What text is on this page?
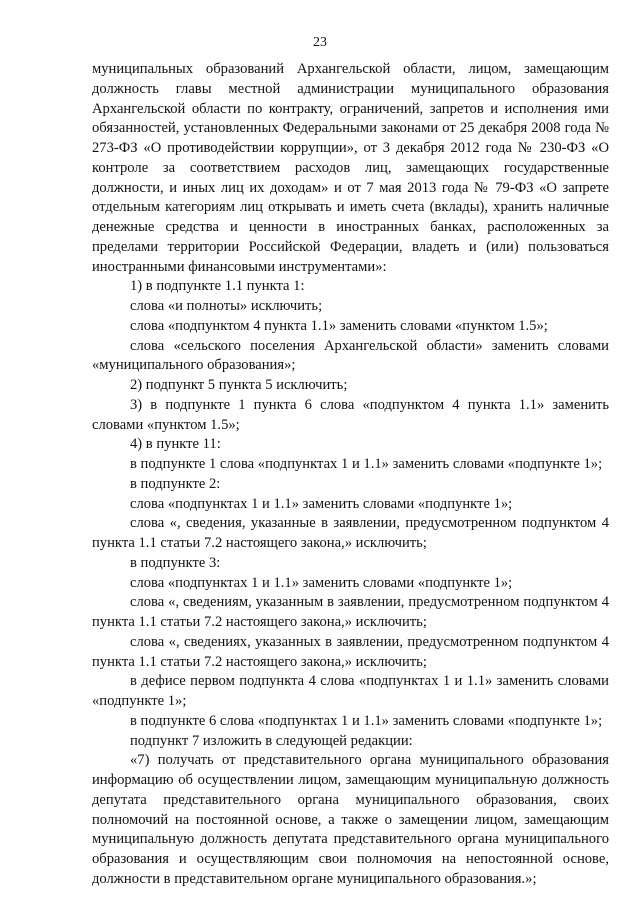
23

муниципальных образований Архангельской области, лицом, замещающим должность главы местной администрации муниципального образования Архангельской области по контракту, ограничений, запретов и исполнения ими обязанностей, установленных Федеральными законами от 25 декабря 2008 года № 273-ФЗ «О противодействии коррупции», от 3 декабря 2012 года № 230-ФЗ «О контроле за соответствием расходов лиц, замещающих государственные должности, и иных лиц их доходам» и от 7 мая 2013 года № 79-ФЗ «О запрете отдельным категориям лиц открывать и иметь счета (вклады), хранить наличные денежные средства и ценности в иностранных банках, расположенных за пределами территории Российской Федерации, владеть и (или) пользоваться иностранными финансовыми инструментами»:

1) в подпункте 1.1 пункта 1:

слова «и полноты» исключить;

слова «подпунктом 4 пункта 1.1» заменить словами «пунктом 1.5»;

слова «сельского поселения Архангельской области» заменить словами «муниципального образования»;

2) подпункт 5 пункта 5 исключить;

3) в подпункте 1 пункта 6 слова «подпунктом 4 пункта 1.1» заменить словами «пунктом 1.5»;

4) в пункте 11:

в подпункте 1 слова «подпунктах 1 и 1.1» заменить словами «подпункте 1»;

в подпункте 2:

слова «подпунктах 1 и 1.1» заменить словами «подпункте 1»;

слова «, сведения, указанные в заявлении, предусмотренном подпунктом 4 пункта 1.1 статьи 7.2 настоящего закона,» исключить;

в подпункте 3:

слова «подпунктах 1 и 1.1» заменить словами «подпункте 1»;

слова «, сведениям, указанным в заявлении, предусмотренном подпунктом 4 пункта 1.1 статьи 7.2 настоящего закона,» исключить;

слова «, сведениях, указанных в заявлении, предусмотренном подпунктом 4 пункта 1.1 статьи 7.2 настоящего закона,» исключить;

в дефисе первом подпункта 4 слова «подпунктах 1 и 1.1» заменить словами «подпункте 1»;

в подпункте 6 слова «подпунктах 1 и 1.1» заменить словами «подпункте 1»;

подпункт 7 изложить в следующей редакции:

«7) получать от представительного органа муниципального образования информацию об осуществлении лицом, замещающим муниципальную должность депутата представительного органа муниципального образования, своих полномочий на постоянной основе, а также о замещении лицом, замещающим муниципальную должность депутата представительного органа муниципального образования и осуществляющим свои полномочия на непостоянной основе, должности в представительном органе муниципального образования.»;
